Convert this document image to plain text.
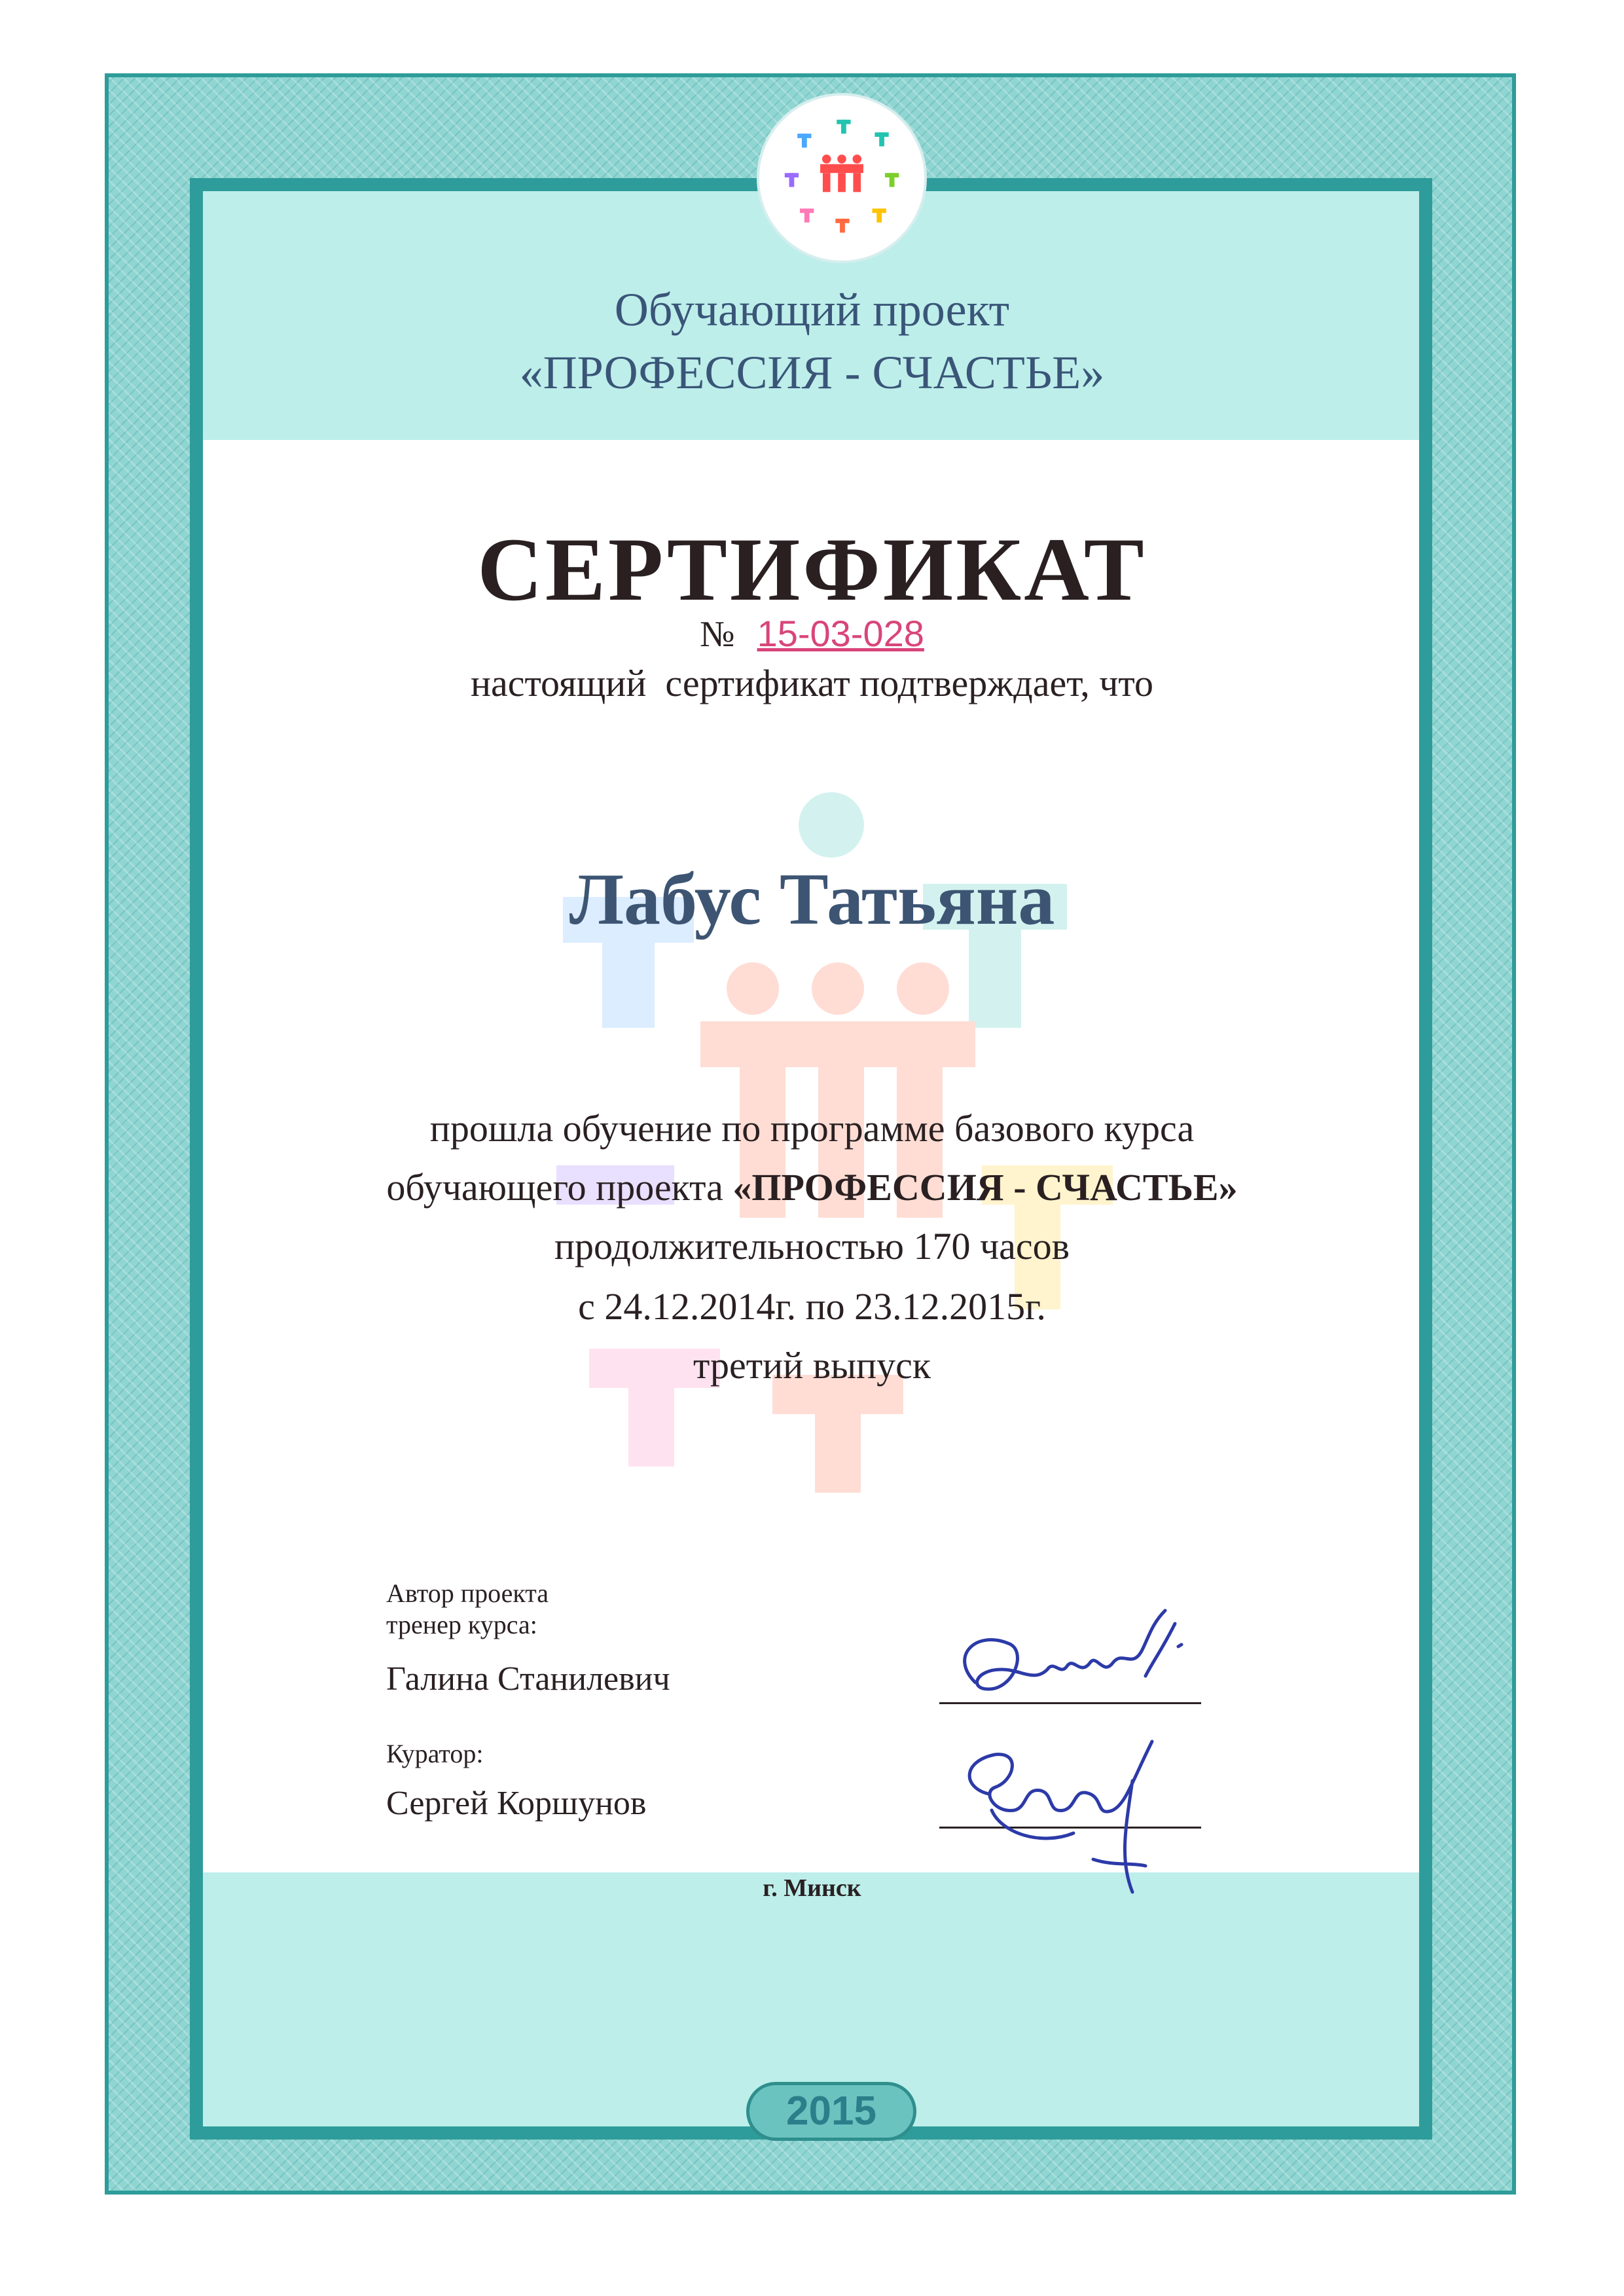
Обучающий проект
«ПРОФЕССИЯ - СЧАСТЬЕ»
СЕРТИФИКАТ
№ 15-03-028
настоящий  сертификат подтверждает, что
Лабус Татьяна
прошла обучение по программе базового курса
обучающего проекта «ПРОФЕССИЯ - СЧАСТЬЕ»
продолжительностью 170 часов
с 24.12.2014г. по 23.12.2015г.
третий выпуск
Автор проекта
тренер курса:
Галина Станилевич
Куратор:
Сергей Коршунов
г. Минск
2015
